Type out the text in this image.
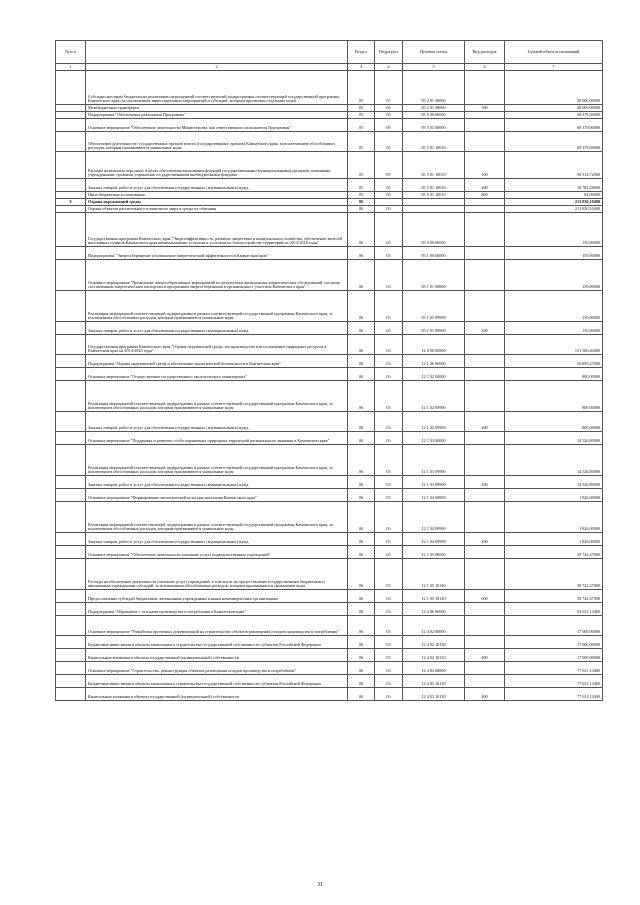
№ п/п		Раздел	Подраздел	Целевая статья	Вид расходов	Годовой объем ассигнований
1	2	3	4	5	6	7
	Субсидии местным бюджетам на реализацию мероприятий соответствующей подпрограммы соответствующей государственной программы Камчатского края (за исключением инвестиционных мероприятий и субсидий, которым присвоены отдельные коды)	05	05	05 2 01 40060		20 000,00000
	Межбюджетные трансферты	05	05	05 2 01 40060	500	20 000,00000
	Подпрограмма "Обеспечение реализации Программы"	05	05	05 5 00 00000		69 379,00000
	Основное мероприятие "Обеспечение деятельности Министерства, как ответственного исполнителя Программы"	05	05	05 5 01 00000		69 379,00000
	Обеспечение деятельности государственных органов власти (государственных органов) Камчатского края, за исключением обособленных расходов, которым присваиваются уникальные коды	05	05	05 5 01 10010		69 379,00000
	Расходы на выплаты персоналу в целях обеспечения выполнения функций государственными (муниципальными) органами, казенными учреждениями, органами управления государственными внебюджетными фондами	05	05	05 5 01 10010	100	58 514,72000
	Закупка товаров, работ и услуг для обеспечения государственных (муниципальных) нужд	05	05	05 5 01 10010	200	10 782,28000
	Иные бюджетные ассигнования	05	05	05 5 01 10010	800	82,00000
6	Охрана окружающей среды	06				213 830,10400
	Охрана объектов растительного и животного мира и среды их обитания	06	03			213 830,10400
	Государственная программа Камчатского края "Энергоэффективность, развитие энергетики и коммунального хозяйства, обеспечение жителей населенных пунктов Камчатского края коммунальными услугами и услугами по благоустройству территорий на 2014-2018 годы"	06	03	05 0 00 00000		150,00000
	Подпрограмма "Энергосбережение и повышение энергетической эффективности в Камчатском крае"	06	03	05 1 00 00000		150,00000
	Основное мероприятие "Проведение энергосберегающих мероприятий по результатам проведенных энергетических обследований, согласно составленным энергетическим паспортам и программам энергосбережения в организациях с участием Камчатского края"	06	03	05 1 01 00000		150,00000
	Реализация мероприятий соответствующей подпрограммы в рамках соответствующей государственной программы Камчатского края, за исключением обособленных расходов, которым присваиваются уникальные коды	06	03	05 1 01 09990		150,00000
	Закупка товаров, работ и услуг для обеспечения государственных (муниципальных) нужд	06	03	05 1 01 09990	200	150,00000
	Государственная программа Камчатского края "Охрана окружающей среды, воспроизводство и использование природных ресурсов в Камчатском крае на 2014-2020 годы"	06	03	12 0 00 00000		151 506,40400
	Подпрограмма "Охрана окружающей среды и обеспечение экологической безопасности в Камчатском крае"	06	03	12 1 00 00000		56 895,27000
	Основное мероприятие "Осуществление государственного экологического мониторинга"	06	03	12 1 02 00000		800,00000
	Реализация мероприятий соответствующей подпрограммы в рамках соответствующей государственной программы Камчатского края, за исключением обособленных расходов, которым присваиваются уникальные коды	06	03	12 1 02 09990		800,00000
	Закупка товаров, работ и услуг для обеспечения государственных (муниципальных) нужд	06	03	12 1 02 09990	200	800,00000
	Основное мероприятие "Поддержка и развитие особо охраняемых природных территорий регионального значения в Камчатском крае"	06	03	12 1 03 00000		14 526,80000
	Реализация мероприятий соответствующей подпрограммы в рамках соответствующей государственной программы Камчатского края, за исключением обособленных расходов, которым присваиваются уникальные коды	06	03	12 1 03 09990		14 526,80000
	Закупка товаров, работ и услуг для обеспечения государственных (муниципальных) нужд	06	03	12 1 03 09990	200	14 526,80000
	Основное мероприятие "Формирование экологической культуры населения Камчатского края"	06	03	12 1 04 00000		1 826,00000
	Реализация мероприятий соответствующей подпрограммы в рамках соответствующей государственной программы Камчатского края, за исключением обособленных расходов, которым присваиваются уникальные коды	06	03	12 1 04 09990		1 826,00000
	Закупка товаров, работ и услуг для обеспечения государственных (муниципальных) нужд	06	03	12 1 04 09990	200	1 826,00000
	Основное мероприятие "Обеспечение деятельности (оказание услуг) подведомственных учреждений"	06	03	12 1 05 00000		39 742,47000
	Расходы на обеспечение деятельности (оказание услуг) учреждений, в том числе на предоставление государственным бюджетным и автономным учреждениям субсидий, за исключением обособленных расходов, которым присваиваются уникальные коды	06	03	12 1 05 10140		39 742,47000
	Предоставление субсидий бюджетным, автономным учреждениям и иным некоммерческим организациям	06	03	12 1 05 10140	600	39 742,47000
	Подпрограмма "Обращение с отходами производства и потребления в Камчатском крае"	06	03	12 4 00 00000		94 611,13400
	Основное мероприятие "Разработка проектных документаций на строительство объектов размещения отходов производства и потребления"	06	03	12 4 02 00000		17 000,00000
	Бюджетные инвестиции в объекты капитального строительства государственной собственности субъектов Российской Федерации	06	03	12 4 02 10130		17 000,00000
	Капитальные вложения в объекты государственной (муниципальной) собственности	06	03	12 4 02 10130	400	17 000,00000
	Основное мероприятие "Строительство, реконструкция объектов размещения отходов производства и потребления"	06	03	12 4 03 00000		77 611,13400
	Бюджетные инвестиции в объекты капитального строительства государственной собственности субъектов Российской Федерации	06	03	12 4 03 10130		77 611,13400
	Капитальные вложения в объекты государственной (муниципальной) собственности	06	03	12 4 03 10130	400	77 611,13400
31
